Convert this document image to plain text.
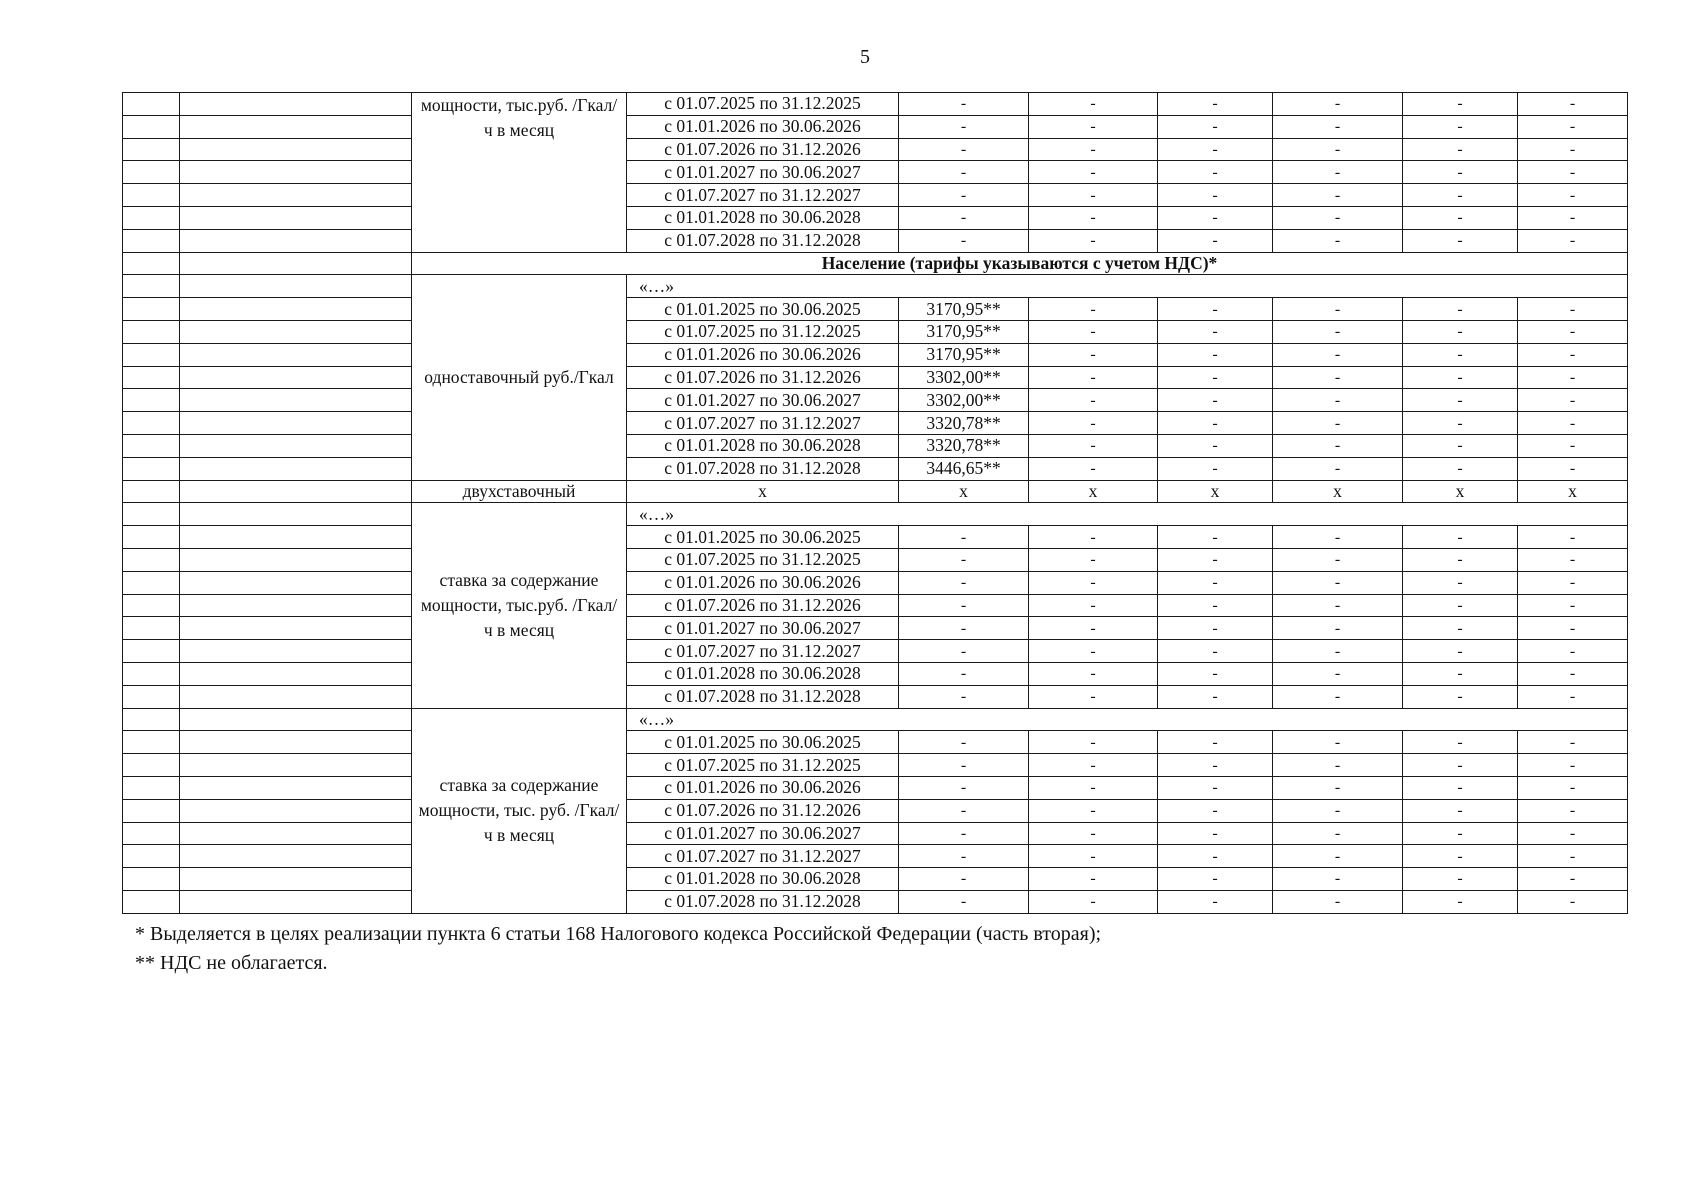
5
		мощности, тыс.руб. /Гкал/ч в месяц	с 01.07.2025 по 31.12.2025	-	-	-	-	-	-
			с 01.01.2026 по 30.06.2026	-	-	-	-	-	-
			с 01.07.2026 по 31.12.2026	-	-	-	-	-	-
			с 01.01.2027 по 30.06.2027	-	-	-	-	-	-
			с 01.07.2027 по 31.12.2027	-	-	-	-	-	-
			с 01.01.2028 по 30.06.2028	-	-	-	-	-	-
			с 01.07.2028 по 31.12.2028	-	-	-	-	-	-
		Население (тарифы указываются с учетом НДС)*							
		одноставочный руб./Гкал	«…»						
			с 01.01.2025 по 30.06.2025	3170,95**	-	-	-	-	-
			с 01.07.2025 по 31.12.2025	3170,95**	-	-	-	-	-
			с 01.01.2026 по 30.06.2026	3170,95**	-	-	-	-	-
			с 01.07.2026 по 31.12.2026	3302,00**	-	-	-	-	-
			с 01.01.2027 по 30.06.2027	3302,00**	-	-	-	-	-
			с 01.07.2027 по 31.12.2027	3320,78**	-	-	-	-	-
			с 01.01.2028 по 30.06.2028	3320,78**	-	-	-	-	-
			с 01.07.2028 по 31.12.2028	3446,65**	-	-	-	-	-
		двухставочный	x	x	x	x	x	x	x
		ставка за содержание мощности, тыс.руб. /Гкал/ч в месяц	«…»						
			с 01.01.2025 по 30.06.2025	-	-	-	-	-	-
			с 01.07.2025 по 31.12.2025	-	-	-	-	-	-
			с 01.01.2026 по 30.06.2026	-	-	-	-	-	-
			с 01.07.2026 по 31.12.2026	-	-	-	-	-	-
			с 01.01.2027 по 30.06.2027	-	-	-	-	-	-
			с 01.07.2027 по 31.12.2027	-	-	-	-	-	-
			с 01.01.2028 по 30.06.2028	-	-	-	-	-	-
			с 01.07.2028 по 31.12.2028	-	-	-	-	-	-
		ставка за содержание мощности, тыс. руб. /Гкал/ч в месяц	«…»						
			с 01.01.2025 по 30.06.2025	-	-	-	-	-	-
			с 01.07.2025 по 31.12.2025	-	-	-	-	-	-
			с 01.01.2026 по 30.06.2026	-	-	-	-	-	-
			с 01.07.2026 по 31.12.2026	-	-	-	-	-	-
			с 01.01.2027 по 30.06.2027	-	-	-	-	-	-
			с 01.07.2027 по 31.12.2027	-	-	-	-	-	-
			с 01.01.2028 по 30.06.2028	-	-	-	-	-	-
			с 01.07.2028 по 31.12.2028	-	-	-	-	-	-
* Выделяется в целях реализации пункта 6 статьи 168 Налогового кодекса Российской Федерации (часть вторая);
** НДС не облагается.
